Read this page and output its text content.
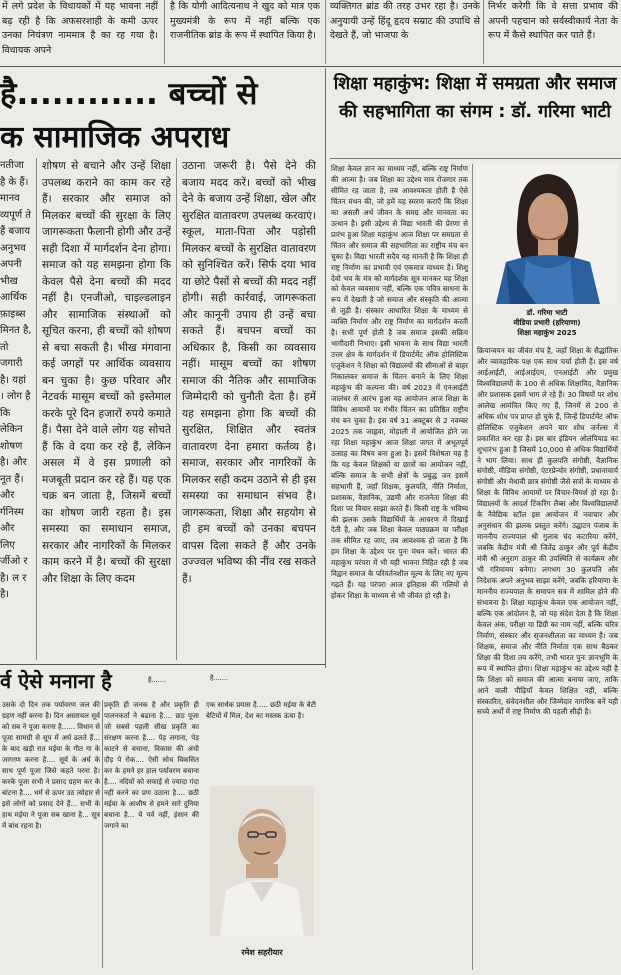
में लगे प्रदेश के विधायकों में यह भावना नहीं बढ़ रही है कि अफसरशाही के कमी ऊपर उनका नियंत्रण नाममात्र है का रह गया है। विधायक अपने
है कि योगी आदित्यनाथ ने खुद को मात्र एक मुख्यमंत्री के रूप में नहीं बल्कि एक राजनीतिक ब्रांड के रूप में स्थापित किया है।
व्यक्तिगत ब्रांड की तरह उभर रहा है। उनके अनुयायी उन्हें हिंदू हृदय सम्राट की उपाधि से देखते हैं, जो भाजपा के
निर्भर करेगी कि वे सत्ता प्रभाव की अपनी पहचान को सर्वस्वीकार्य नेता के रूप में कैसे स्थापित कर पाते हैं।
है............ बच्चों से
क सामाजिक अपराध
नतीजा है के हैं। मानव व्यपूर्ण ते हैं बजाय अनुभव अपनी भीख आर्थिक फ़ाइब्स मिनत है, तो जगारी है। यहां । लोग है कि लेकिन शोषण है। और नूत हैं। और र्गनिस्म और लिए र्जीओ र है। ल र है।
शोषण से बचाने और उन्हें शिक्षा उपलब्ध कराने का काम कर रहे हैं। सरकार और समाज को मिलकर बच्चों की सुरक्षा के लिए जागरूकता फैलानी होगी और उन्हें सही दिशा में मार्गदर्शन देना होगा। समाज को यह समझना होगा कि केवल पैसे देना बच्चों की मदद नहीं है। एनजीओ, चाइल्डलाइन और सामाजिक संस्थाओं को सूचित करना, ही बच्चों को शोषण से बचा सकती है। भीख मंगवाना कई जगहों पर आर्थिक व्यवसाय बन चुका है। कुछ परिवार और नेटवर्क मासूम बच्चों को इस्तेमाल करके पूरे दिन हजारों रुपये कमाते हैं। पैसा देने वाले लोग यह सोचते हैं कि वे दया कर रहे हैं, लेकिन असल में वे इस प्रणाली को मजबूती प्रदान कर रहे हैं। यह एक चक्र बन जाता है, जिसमें बच्चों का शोषण जारी रहता है। इस समस्या का समाधान समाज, सरकार और नागरिकों के मिलकर काम करने में है। बच्चों की सुरक्षा और शिक्षा के लिए कदम
उठाना जरूरी है। पैसे देने की बजाय मदद करें। बच्चों को भीख देने के बजाय उन्हें शिक्षा, खेल और सुरक्षित वातावरण उपलब्ध करवाएं। स्कूल, माता-पिता और पड़ोसी मिलकर बच्चों के सुरक्षित वातावरण को सुनिश्चित करें। सिर्फ दया भाव या छोटे पैसों से बच्चों की मदद नहीं होगी। सही कार्रवाई, जागरूकता और कानूनी उपाय ही उन्हें बचा सकते हैं। बचपन बच्चों का अधिकार है, किसी का व्यवसाय नहीं। मासूम बच्चों का शोषण समाज की नैतिक और सामाजिक जिम्मेदारी को चुनौती देता है। हमें यह समझना होगा कि बच्चों की सुरक्षित, शिक्षित और स्वतंत्र वातावरण देना हमारा कर्तव्य है। समाज, सरकार और नागरिकों के मिलकर सही कदम उठाने से ही इस समस्या का समाधान संभव है। जागरूकता, शिक्षा और सहयोग से ही हम बच्चों को उनका बचपन वापस दिला सकते हैं और उनके उज्ज्वल भविष्य की नींव रख सकते हैं।
र्व ऐसे मनाना है	है.......	है.......
उसके दो दिन तक पर्यावरण जल की ग्रहण नहीं करना है। दिन अस्ताचल सूर्य को सब ने पूजा करना है...... विधान से पूजा सामग्री से सूप में अर्घ ढलते हैं... के बाद खड़ी रात मईया के गीत गा के जागरण करना है.... सूर्य के अर्घ के साथ पूर्ण पूजा जिसे कहते परना है। करके पूजा सभी ने प्रसाद ग्रहण कर के बांटना है.... धर्म से ऊपर उठ त्योहार से इसे लोगों को प्रसाद देने हैं... सभी के हाथ मईया ने पूजा सब खाना है... सूत्र में बांध रहना है।
प्रकृति ही जनक है और प्रकृति ही पालनकर्ता ने बढाना है.... छठ पूजा जो सबसे पहली सीख प्रकृति का संरक्षण करना है.... पेड़ लगाना, पेड़ काटने से बचाना, विकास की अंधी दौड़ पे रोक.... ऐसी सोच विकसित कर के हमने हर हाल पर्यावरण बचाना है.... नदियों को सफाई से ज्यादा गंदा नहीं करने का प्रण उठाना है.... छठी मईया के आशीष से हमने सारे दुनिया बचाना है... ये पर्व नहीं, इंसान की जगाने का
एक सार्थक प्रयास है..... छठी मईया के बेटी बेटियों में मिल, देश का मस्तक ऊंचा है।
रमेश सहरीयार
शिक्षा महाकुंभ: शिक्षा में समग्रता और समाज की सहभागिता का संगम : डॉ. गरिमा भाटी
शिक्षा केवल ज्ञान का माध्यम नहीं, बल्कि राष्ट्र निर्माण की आत्मा है। जब शिक्षा का उद्देश्य मात्र रोजगार तक सीमित रह जाता है, तब आवश्यकता होती है ऐसे चिंतन मंथन की, जो हमें यह स्मरण कराएँ कि शिक्षा का असली अर्थ जीवन के समग्र और मानवता का उत्थान है। इसी उद्देश्य से विद्या भारती की प्रेरणा से प्रारंभ हुआ शिक्षा महाकुंभ आज शिक्षा पर समग्रता से चिंतन और समाज की सहभागिता का राष्ट्रीय मंच बन चुका है। विद्या भारती सदैव यह मानती है कि शिक्षा ही राष्ट्र निर्माण का प्रभावी एवं एकमात्र माध्यम है। शिशु देवो भव के मंत्र को मार्गदर्शक सूत्र मानकर यह शिक्षा को केवल व्यवसाय नहीं, बल्कि एक पवित्र साधना के रूप में देखती है जो समाज और संस्कृति की आत्मा से जुड़ी है। संस्कार आधारित शिक्षा के माध्यम से व्यक्ति निर्माण और राष्ट्र निर्माण का मार्गदर्शन करती है। सभी पूर्ण होती है जब समाज इसकी सक्रिय भागीदारी निभाए। इसी भावना के साथ विद्या भारती उत्तर क्षेत्र के मार्गदर्शन में डिपार्टमेंट ऑफ होलिस्टिक एजुकेशन ने शिक्षा को विद्यालयों की सीमाओं से बाहर निकालकर समाज के चिंतन बनाने के लिए शिक्षा महाकुंभ की कल्पना की। वर्ष 2023 में एनआईटी जालंधर से आरंभ हुआ यह आयोजन आज शिक्षा के विविध आयामों पर गंभीर चिंतन का प्रतिष्ठित राष्ट्रीय मंच बन चुका है। इस वर्ष 31 अक्टूबर से 2 नवम्बर 2025 तक जाह्नवा, मोहाली में आयोजित होने जा रहा शिक्षा महाकुंभ आज शिक्षा जगत में अभूतपूर्व उत्साह का विषय बना हुआ है। इसमें विशेषता यह है कि यह केवल शिक्षकों या छात्रों का आयोजन नहीं, बल्कि समाज के सभी क्षेत्रों के प्रबुद्ध जन इसमें सहभागी हैं, जहाँ शिक्षक, कुलपति, नीति निर्माता, प्रशासक, वैज्ञानिक, उद्यमी और राजनेता शिक्षा की दिशा पर विचार साझा करते हैं। किसी राष्ट्र के भविष्य की झलक उसके विद्यार्थियों के आचरण में दिखाई देती है, और जब शिक्षा केवल पाठ्यक्रम या परीक्षा तक सीमित रह जाए, तब आवश्यक हो जाता है कि हम शिक्षा के उद्देश्य पर पुनः मंथन करें। भारत की महाकुंभ परंपरा में भी यही भावना निहित रही है जब विद्वान समाज के परिवर्तनशील मूल्य के लिए नए मूल्य गढ़ते हैं। यह परंपरा आज इतिहास की गलियों से होकर शिक्षा के माध्यम से भी जीवंत हो रही है।
डॉ. गरिमा भाटी
मीडिया प्रभारी (हरियाणा)
शिक्षा महाकुंभ 2025
क्रियान्वयन का जीवंत मंच है, जहाँ शिक्षा के सैद्धांतिक और व्यावहारिक पक्ष एक साथ चर्चा होती हैं। इस वर्ष आईआईटी, आईआईएम, एनआईटी और प्रमुख विश्वविद्यालयों के 100 से अधिक शिक्षाविद, वैज्ञानिक और प्रशासक इसमें भाग ले रहे हैं। 30 विषयों पर शोध आलेख आमंत्रित किए गए हैं, जिनमें से 200 से अधिक शोध पत्र प्राप्त हो चुके हैं, जिन्हें डिपार्टमेंट ऑफ होलिस्टिक एजुकेशन अपने चार शोध जर्नल्स में प्रकाशित कर रहा है। इस बार इंडियन ओलंपियाड का शुभारंभ हुआ है जिसमें 10,000 से अधिक विद्यार्थियों ने भाग लिया। साथ ही कुलपति संगोष्ठी, वैज्ञानिक संगोष्ठी, मीडिया संगोष्ठी, एंटरप्रेन्योर संगोष्ठी, प्रधानाचार्य संगोष्ठी और मेधावी छात्र संगोष्ठी जैसे सत्रों के माध्यम से शिक्षा के विविध आयामों पर विचार-विमर्श हो रहा है। विद्यालयों के आदर्श टिंकरिंग लैब्स और विश्वविद्यालयों के नैवेद्यिक स्टॉल इस आयोजन में नवाचार और अनुसंधान की झलक प्रस्तुत करेंगे। उद्घाटन पंजाब के माननीय राज्यपाल श्री गुलाब चंद कटारिया करेंगे, जबकि केंद्रीय मंत्री श्री जितेंद्र ठाकुर और पूर्व केंद्रीय मंत्री श्री अनुराग ठाकुर की उपस्थिति से कार्यक्रम और भी गरिमामय बनेगा। लगभग 30 कुलपति और निदेशक अपने अनुभव साझा करेंगे, जबकि हरियाणा के माननीय राज्यपाल के समापन सत्र में शामिल होने की संभावना है। शिक्षा महाकुंभ केवल एक आयोजन नहीं, बल्कि एक आंदोलन है, जो यह संदेश देता है कि शिक्षा केवल अंक, परीक्षा या डिग्री का नाम नहीं, बल्कि चरित्र निर्माण, संस्कार और सृजनशीलता का माध्यम है। जब शिक्षक, समाज और नीति निर्माता एक साथ बैठकर शिक्षा की दिशा तय करेंगे, तभी भारत पुनः ज्ञानभूमि के रूप में स्थापित होगा। शिक्षा महाकुंभ का उद्देश्य यही है कि शिक्षा को समाज की आत्मा बनाया जाए, ताकि आने वाली पीढ़ियाँ केवल शिक्षित नहीं, बल्कि संस्कारित, संवेदनशील और जिम्मेदार नागरिक बनें यही सच्चे अर्थों में राष्ट्र निर्माण की पहली सीढ़ी है।
